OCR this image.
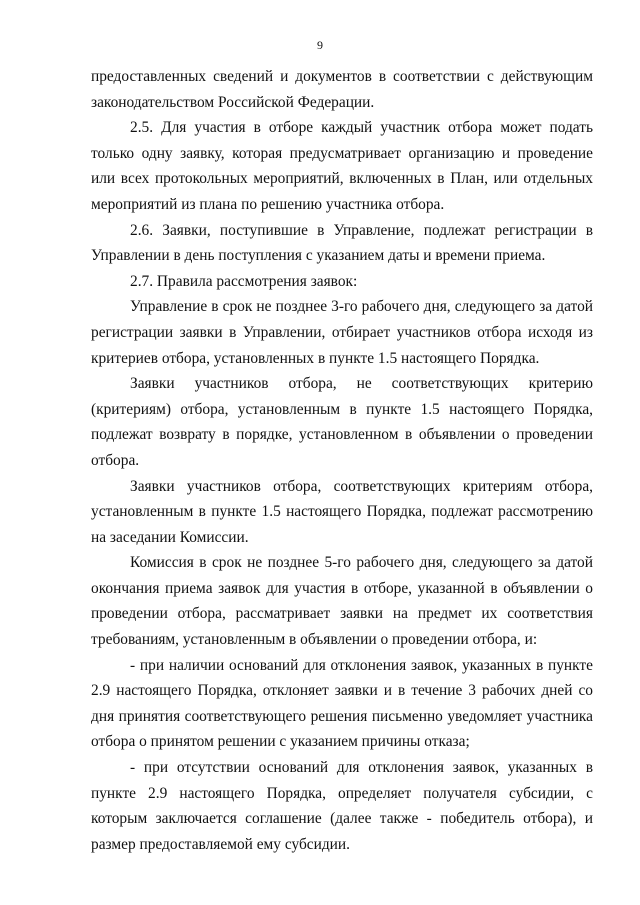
9

предоставленных сведений и документов в соответствии с действующим законодательством Российской Федерации.

2.5. Для участия в отборе каждый участник отбора может подать только одну заявку, которая предусматривает организацию и проведение или всех протокольных мероприятий, включенных в План, или отдельных мероприятий из плана по решению участника отбора.

2.6. Заявки, поступившие в Управление, подлежат регистрации в Управлении в день поступления с указанием даты и времени приема.

2.7. Правила рассмотрения заявок:

Управление в срок не позднее 3-го рабочего дня, следующего за датой регистрации заявки в Управлении, отбирает участников отбора исходя из критериев отбора, установленных в пункте 1.5 настоящего Порядка.

Заявки участников отбора, не соответствующих критерию (критериям) отбора, установленным в пункте 1.5 настоящего Порядка, подлежат возврату в порядке, установленном в объявлении о проведении отбора.

Заявки участников отбора, соответствующих критериям отбора, установленным в пункте 1.5 настоящего Порядка, подлежат рассмотрению на заседании Комиссии.

Комиссия в срок не позднее 5-го рабочего дня, следующего за датой окончания приема заявок для участия в отборе, указанной в объявлении о проведении отбора, рассматривает заявки на предмет их соответствия требованиям, установленным в объявлении о проведении отбора, и:

- при наличии оснований для отклонения заявок, указанных в пункте 2.9 настоящего Порядка, отклоняет заявки и в течение 3 рабочих дней со дня принятия соответствующего решения письменно уведомляет участника отбора о принятом решении с указанием причины отказа;

- при отсутствии оснований для отклонения заявок, указанных в пункте 2.9 настоящего Порядка, определяет получателя субсидии, с которым заключается соглашение (далее также - победитель отбора), и размер предоставляемой ему субсидии.
